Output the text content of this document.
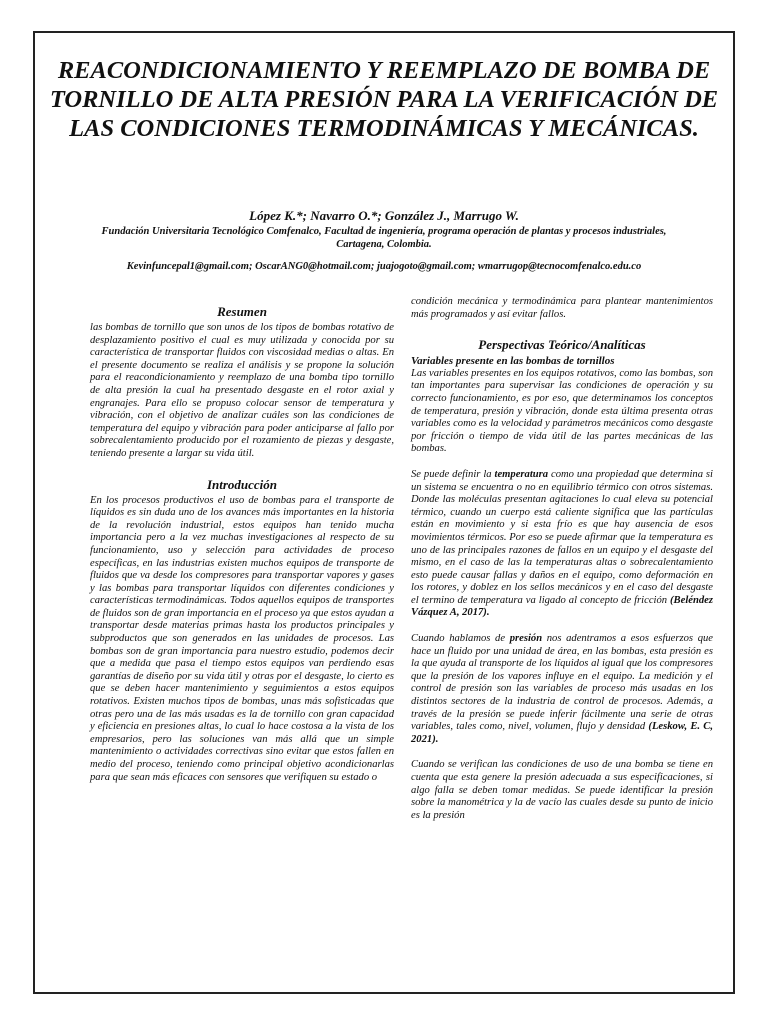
REACONDICIONAMIENTO Y REEMPLAZO DE BOMBA DE TORNILLO DE ALTA PRESIÓN PARA LA VERIFICACIÓN DE LAS CONDICIONES TERMODINÁMICAS Y MECÁNICAS.
López K.*; Navarro O.*; González J., Marrugo W.
Fundación Universitaria Tecnológico Comfenalco, Facultad de ingeniería, programa operación de plantas y procesos industriales, Cartagena, Colombia.
Kevinfuncepal1@gmail.com; OscarANG0@hotmail.com; juajogoto@gmail.com; wmarrugop@tecnocomfenalco.edu.co
Resumen

las bombas de tornillo que son unos de los tipos de bombas rotativo de desplazamiento positivo el cual es muy utilizada y conocida por su característica de transportar fluidos con viscosidad medias o altas. En el presente documento se realiza el análisis y se propone la solución para el reacondicionamiento y reemplazo de una bomba tipo tornillo de alta presión la cual ha presentado desgaste en el rotor axial y engranajes. Para ello se propuso colocar sensor de temperatura y vibración, con el objetivo de analizar cuáles son las condiciones de temperatura del equipo y vibración para poder anticiparse al fallo por sobrecalentamiento producido por el rozamiento de piezas y desgaste, teniendo presente a largar su vida útil.

Introducción

En los procesos productivos el uso de bombas para el transporte de líquidos es sin duda uno de los avances más importantes en la historia de la revolución industrial, estos equipos han tenido mucha importancia pero a la vez muchas investigaciones al respecto de su funcionamiento, uso y selección para actividades de proceso específicas, en las industrias existen muchos equipos de transporte de fluidos que va desde los compresores para transportar vapores y gases y las bombas para transportar líquidos con diferentes condiciones y características termodinámicas. Todos aquellos equipos de transportes de fluidos son de gran importancia en el proceso ya que estos ayudan a transportar desde materias primas hasta los productos principales y subproductos que son generados en las unidades de procesos. Las bombas son de gran importancia para nuestro estudio, podemos decir que a medida que pasa el tiempo estos equipos van perdiendo esas garantías de diseño por su vida útil y otras por el desgaste, lo cierto es que se deben hacer mantenimiento y seguimientos a estos equipos rotativos. Existen muchos tipos de bombas, unas más sofisticadas que otras pero una de las más usadas es la de tornillo con gran capacidad y eficiencia en presiones altas, lo cual lo hace costosa a la vista de los empresarios, pero las soluciones van más allá que un simple mantenimiento o actividades correctivas sino evitar que estos fallen en medio del proceso, teniendo como principal objetivo acondicionarlas para que sean más eficaces con sensores que verifiquen su estado o

condición mecánica y termodinámica para plantear mantenimientos más programados y así evitar fallos.

Perspectivas Teórico/Analíticas
Variables presente en las bombas de tornillos

Las variables presentes en los equipos rotativos, como las bombas, son tan importantes para supervisar las condiciones de operación y su correcto funcionamiento, es por eso, que determinamos los conceptos de temperatura, presión y vibración, donde esta última presenta otras variables como es la velocidad y parámetros mecánicos como desgaste por fricción o tiempo de vida útil de las partes mecánicas de las bombas.

Se puede definir la temperatura como una propiedad que determina si un sistema se encuentra o no en equilibrio térmico con otros sistemas. Donde las moléculas presentan agitaciones lo cual eleva su potencial térmico, cuando un cuerpo está caliente significa que las partículas están en movimiento y si esta frío es que hay ausencia de esos movimientos térmicos. Por eso se puede afirmar que la temperatura es uno de las principales razones de fallos en un equipo y el desgaste del mismo, en el caso de las la temperaturas altas o sobrecalentamiento esto puede causar fallas y daños en el equipo, como deformación en los rotores, y doblez en los sellos mecánicos y en el caso del desgaste el termino de temperatura va ligado al concepto de fricción (Beléndez Vázquez A, 2017).

Cuando hablamos de presión nos adentramos a esos esfuerzos que hace un fluido por una unidad de área, en las bombas, esta presión es la que ayuda al transporte de los líquidos al igual que los compresores que la presión de los vapores influye en el equipo. La medición y el control de presión son las variables de proceso más usadas en los distintos sectores de la industria de control de procesos. Además, a través de la presión se puede inferir fácilmente una serie de otras variables, tales como, nivel, volumen, flujo y densidad (Leskow, E. C, 2021).

Cuando se verifican las condiciones de uso de una bomba se tiene en cuenta que esta genere la presión adecuada a sus especificaciones, si algo falla se deben tomar medidas. Se puede identificar la presión sobre la manométrica y la de vacío las cuales desde su punto de inicio es la presión
